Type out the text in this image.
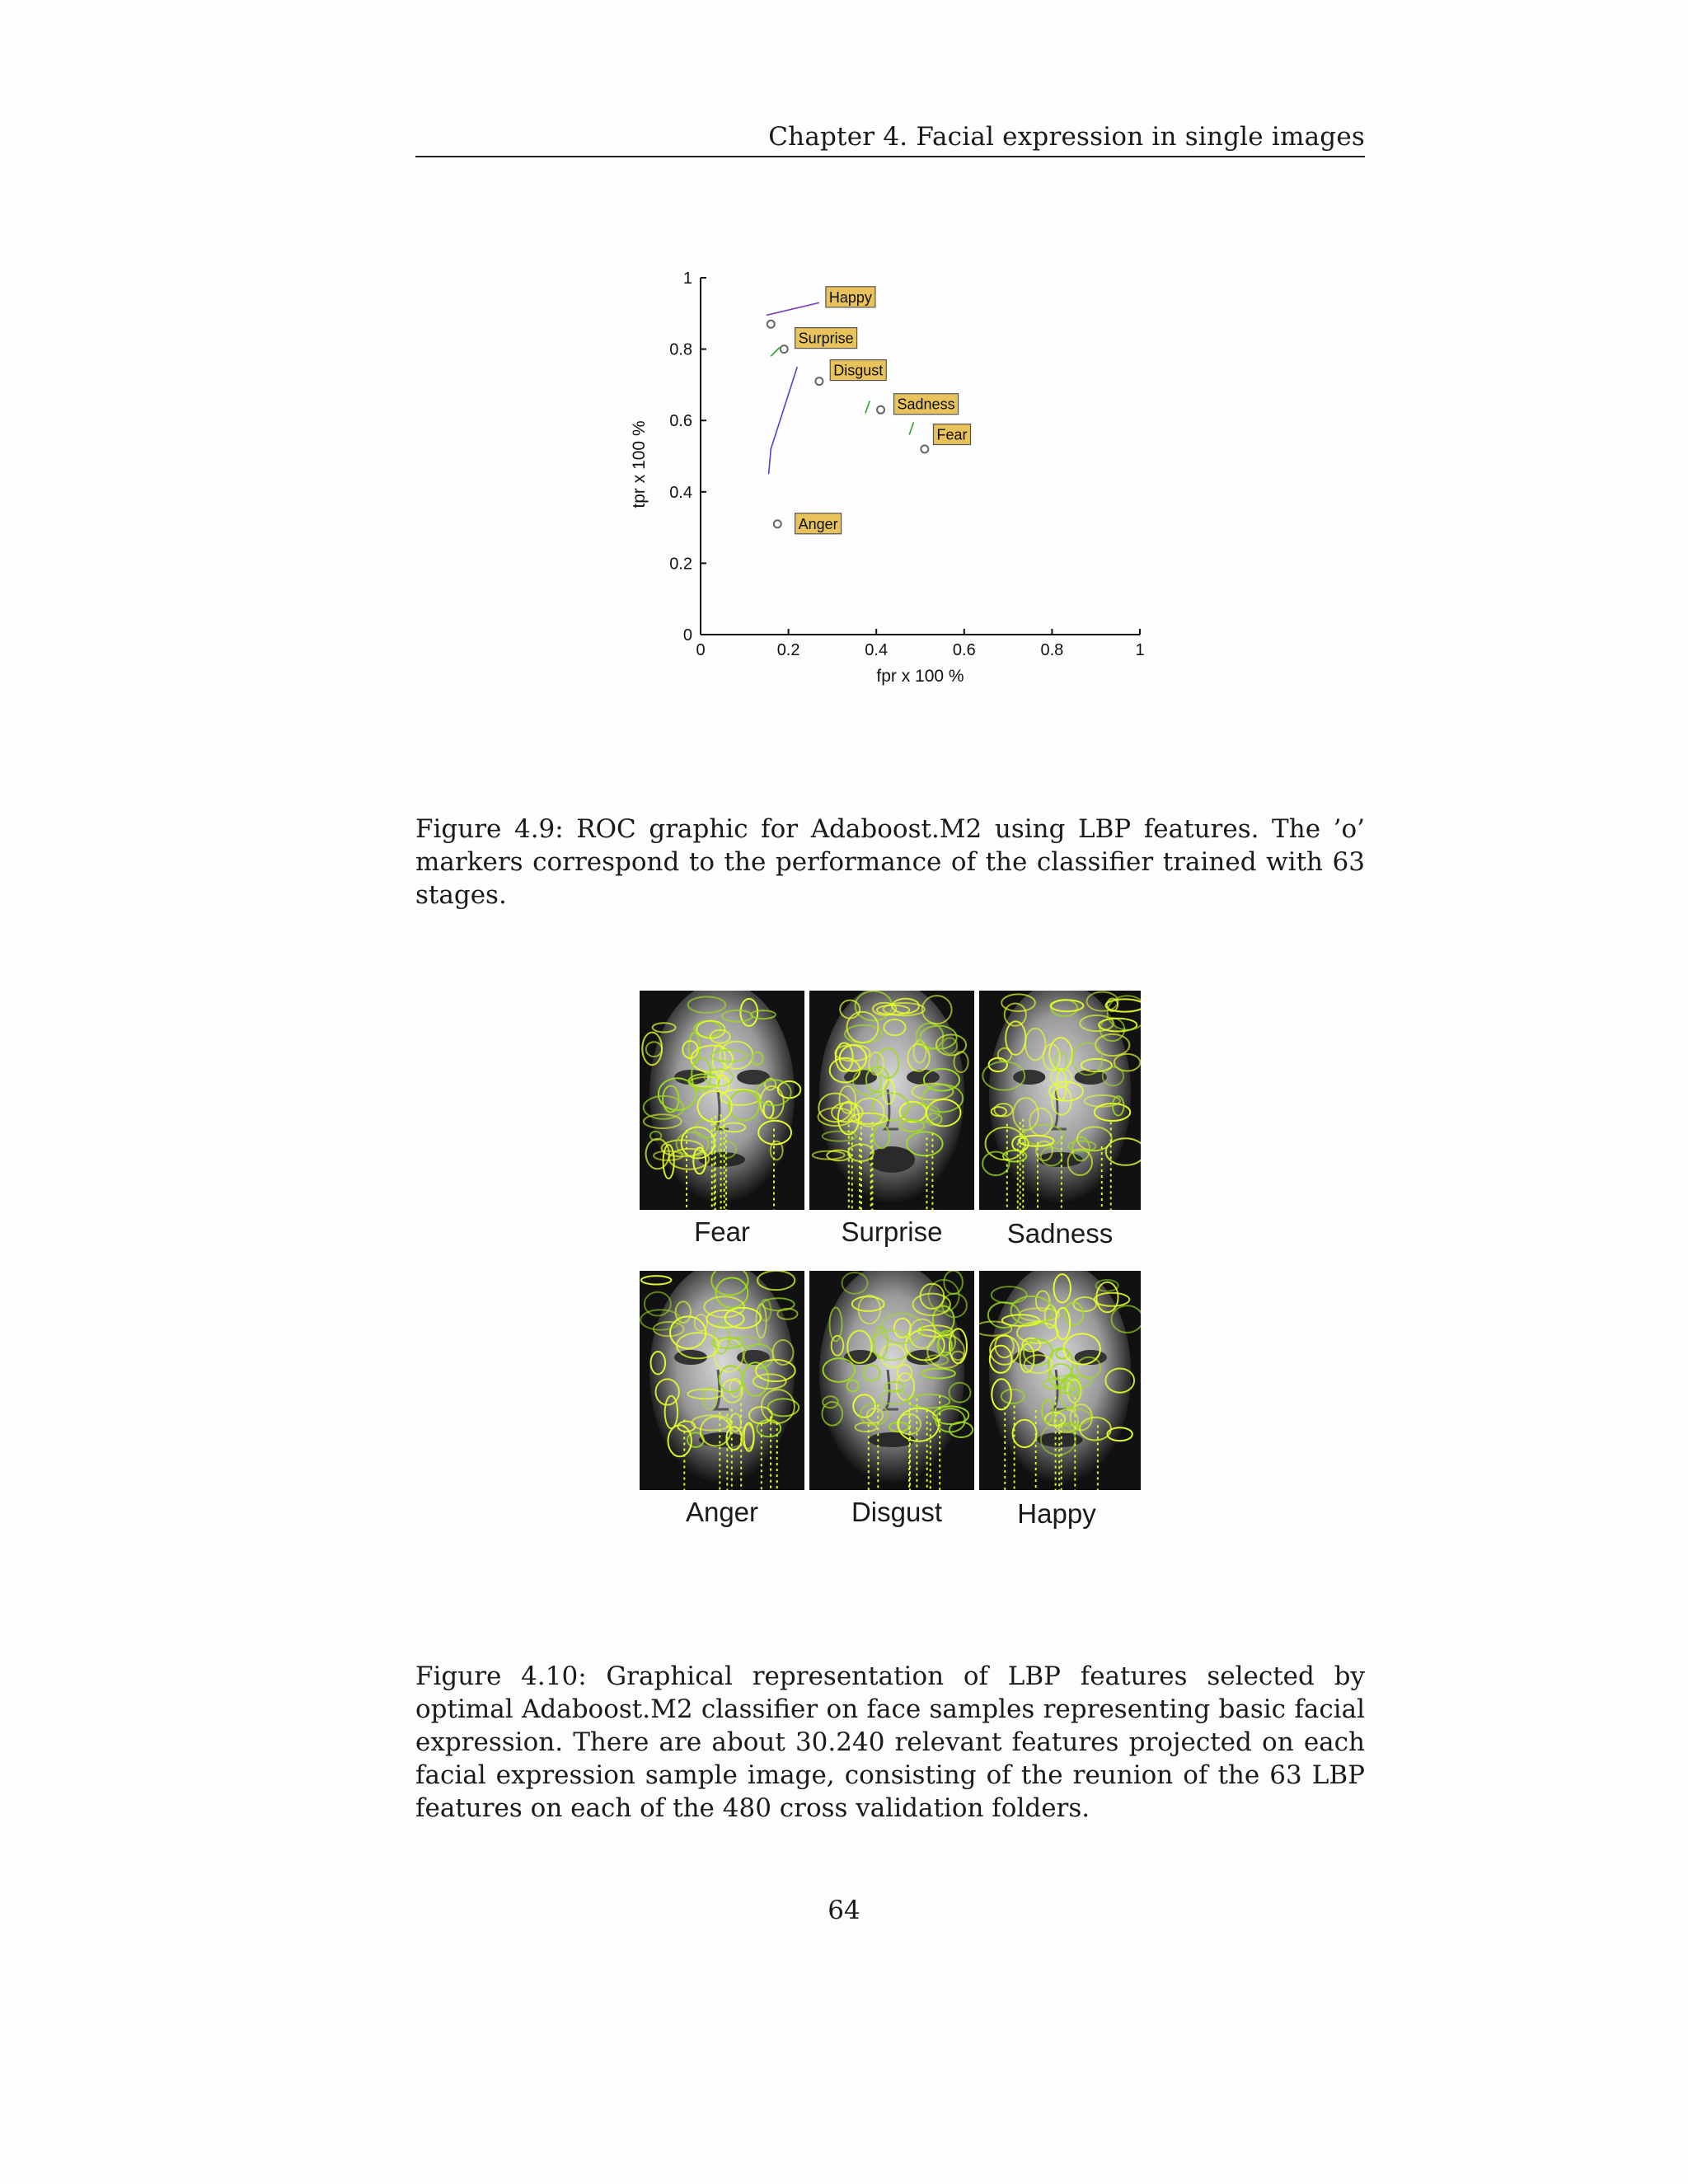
Chapter 4. Facial expression in single images
0	0.2	0.4	0.6	0.8	1
0
0.2
0.4
0.6
0.8
1
fpr x 100 %
tpr x 100 %
Happy
Surprise
Disgust
Sadness
Fear
Anger
Figure 4.9: ROC graphic for Adaboost.M2 using LBP features. The ’o’ markers correspond to the performance of the classifier trained with 63 stages.
Fear	Surprise	Sadness
Anger	Disgust	Happy
Figure 4.10: Graphical representation of LBP features selected by optimal Adaboost.M2 classifier on face samples representing basic facial expression. There are about 30.240 relevant features projected on each facial expression sample image, consisting of the reunion of the 63 LBP features on each of the 480 cross validation folders.
64
